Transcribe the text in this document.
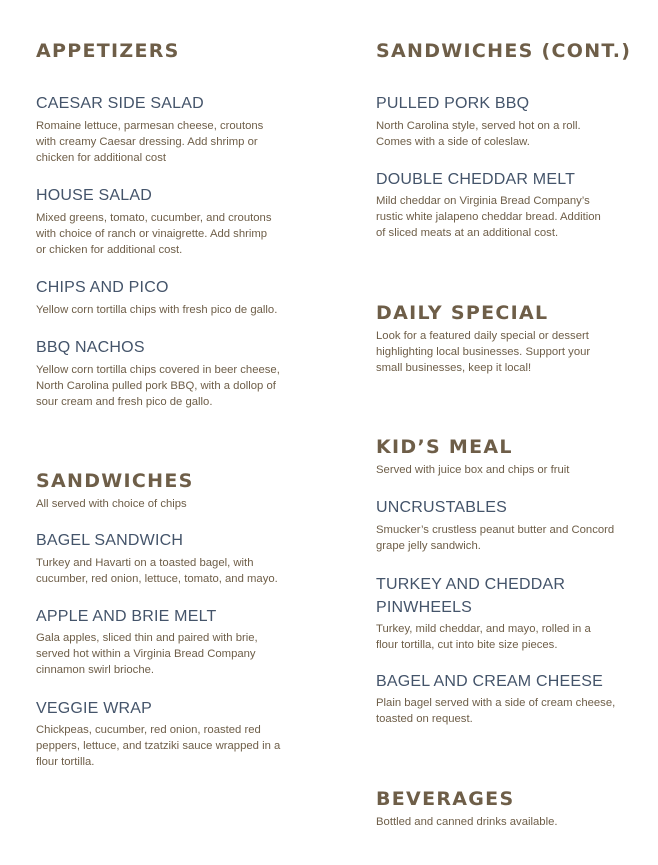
APPETIZERS
CAESAR SIDE SALAD

Romaine lettuce, parmesan cheese, croutons
with creamy Caesar dressing. Add shrimp or
chicken for additional cost

HOUSE SALAD

Mixed greens, tomato, cucumber, and croutons
with choice of ranch or vinaigrette. Add shrimp
or chicken for additional cost.

CHIPS AND PICO

Yellow corn tortilla chips with fresh pico de gallo.

BBQ NACHOS

Yellow corn tortilla chips covered in beer cheese,
North Carolina pulled pork BBQ, with a dollop of
sour cream and fresh pico de gallo.

SANDWICHES

All served with choice of chips

BAGEL SANDWICH

Turkey and Havarti on a toasted bagel, with
cucumber, red onion, lettuce, tomato, and mayo.

APPLE AND BRIE MELT

Gala apples, sliced thin and paired with brie,
served hot within a Virginia Bread Company
cinnamon swirl brioche.

VEGGIE WRAP

Chickpeas, cucumber, red onion, roasted red
peppers, lettuce, and tzatziki sauce wrapped in a
flour tortilla.

SANDWICHES (CONT.)
PULLED PORK BBQ

North Carolina style, served hot on a roll.
Comes with a side of coleslaw.

DOUBLE CHEDDAR MELT

Mild cheddar on Virginia Bread Company’s
rustic white jalapeno cheddar bread. Addition
of sliced meats at an additional cost.

DAILY SPECIAL

Look for a featured daily special or dessert
highlighting local businesses. Support your
small businesses, keep it local!

KID’S MEAL

Served with juice box and chips or fruit

UNCRUSTABLES

Smucker’s crustless peanut butter and Concord
grape jelly sandwich.

TURKEY AND CHEDDAR
PINWHEELS

Turkey, mild cheddar, and mayo, rolled in a
flour tortilla, cut into bite size pieces.

BAGEL AND CREAM CHEESE

Plain bagel served with a side of cream cheese,
toasted on request.

BEVERAGES

Bottled and canned drinks available.
